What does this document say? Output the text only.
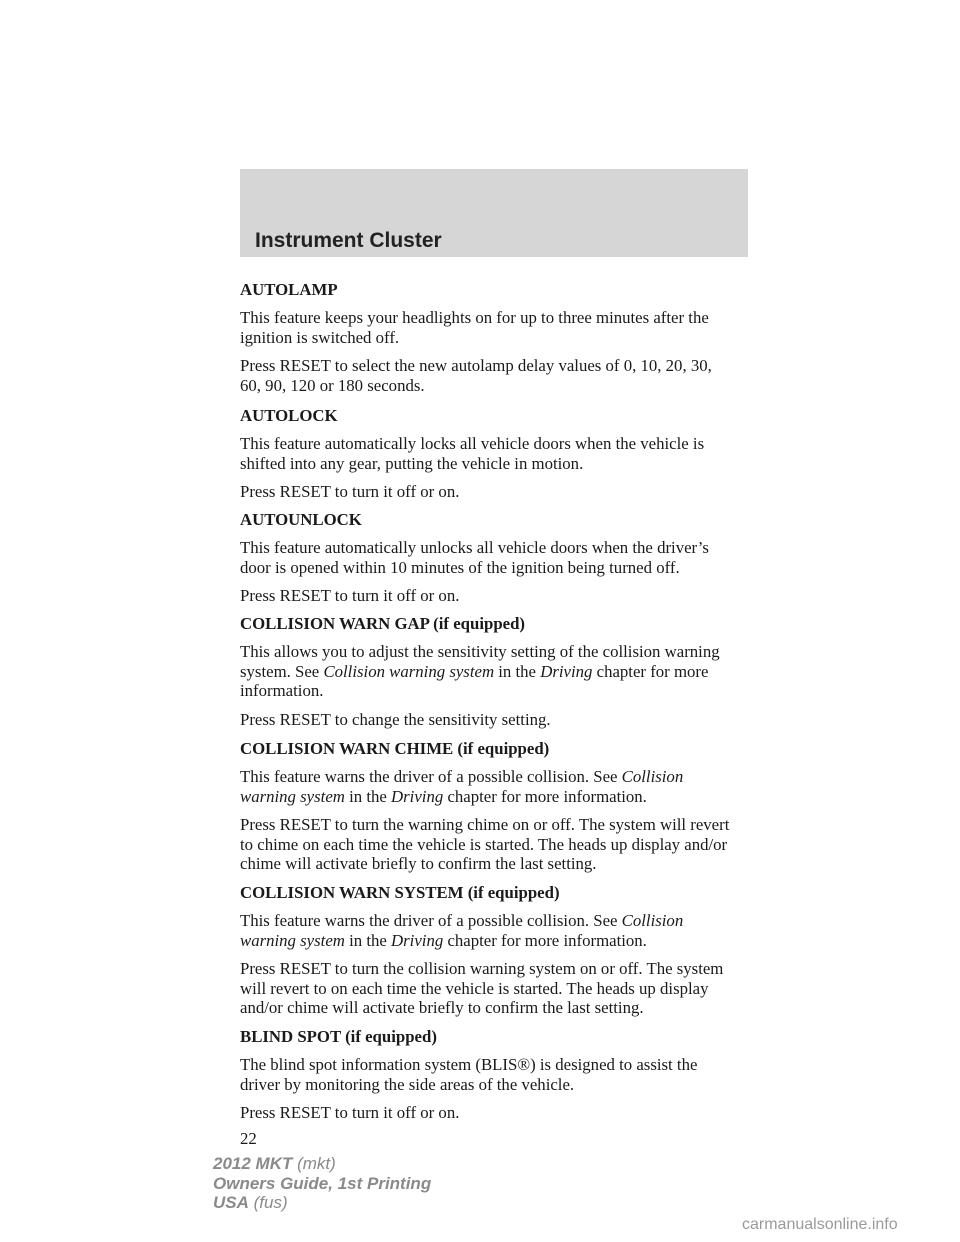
Instrument Cluster
AUTOLAMP
This feature keeps your headlights on for up to three minutes after the
ignition is switched off.
Press RESET to select the new autolamp delay values of 0, 10, 20, 30,
60, 90, 120 or 180 seconds.
AUTOLOCK
This feature automatically locks all vehicle doors when the vehicle is
shifted into any gear, putting the vehicle in motion.
Press RESET to turn it off or on.
AUTOUNLOCK
This feature automatically unlocks all vehicle doors when the driver’s
door is opened within 10 minutes of the ignition being turned off.
Press RESET to turn it off or on.
COLLISION WARN GAP (if equipped)
This allows you to adjust the sensitivity setting of the collision warning
system. See Collision warning system in the Driving chapter for more
information.
Press RESET to change the sensitivity setting.
COLLISION WARN CHIME (if equipped)
This feature warns the driver of a possible collision. See Collision
warning system in the Driving chapter for more information.
Press RESET to turn the warning chime on or off. The system will revert
to chime on each time the vehicle is started. The heads up display and/or
chime will activate briefly to confirm the last setting.
COLLISION WARN SYSTEM (if equipped)
This feature warns the driver of a possible collision. See Collision
warning system in the Driving chapter for more information.
Press RESET to turn the collision warning system on or off. The system
will revert to on each time the vehicle is started. The heads up display
and/or chime will activate briefly to confirm the last setting.
BLIND SPOT (if equipped)
The blind spot information system (BLIS®) is designed to assist the
driver by monitoring the side areas of the vehicle.
Press RESET to turn it off or on.
22
2012 MKT (mkt)
Owners Guide, 1st Printing
USA (fus)
carmanualsonline.info
